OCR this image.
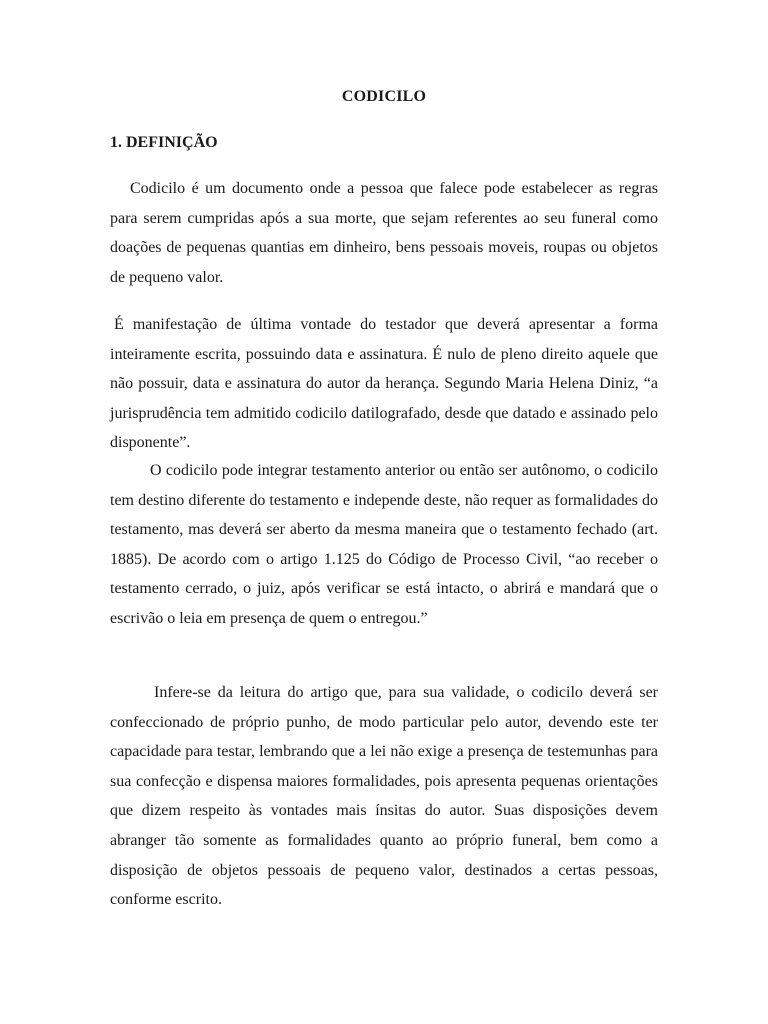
CODICILO
1. DEFINIÇÃO

Codicilo é um documento onde a pessoa que falece pode estabelecer as regras para serem cumpridas após a sua morte, que sejam referentes ao seu funeral como doações de pequenas quantias em dinheiro, bens pessoais moveis, roupas ou objetos de pequeno valor.

É manifestação de última vontade do testador que deverá apresentar a forma inteiramente escrita, possuindo data e assinatura. É nulo de pleno direito aquele que não possuir, data e assinatura do autor da herança. Segundo Maria Helena Diniz, “a jurisprudência tem admitido codicilo datilografado, desde que datado e assinado pelo disponente”.

O codicilo pode integrar testamento anterior ou então ser autônomo, o codicilo tem destino diferente do testamento e independe deste, não requer as formalidades do testamento, mas deverá ser aberto da mesma maneira que o testamento fechado (art. 1885). De acordo com o artigo 1.125 do Código de Processo Civil, “ao receber o testamento cerrado, o juiz, após verificar se está intacto, o abrirá e mandará que o escrivão o leia em presença de quem o entregou.”

Infere-se da leitura do artigo que, para sua validade, o codicilo deverá ser confeccionado de próprio punho, de modo particular pelo autor, devendo este ter capacidade para testar, lembrando que a lei não exige a presença de testemunhas para sua confecção e dispensa maiores formalidades, pois apresenta pequenas orientações que dizem respeito às vontades mais ínsitas do autor. Suas disposições devem abranger tão somente as formalidades quanto ao próprio funeral, bem como a disposição de objetos pessoais de pequeno valor, destinados a certas pessoas, conforme escrito.
